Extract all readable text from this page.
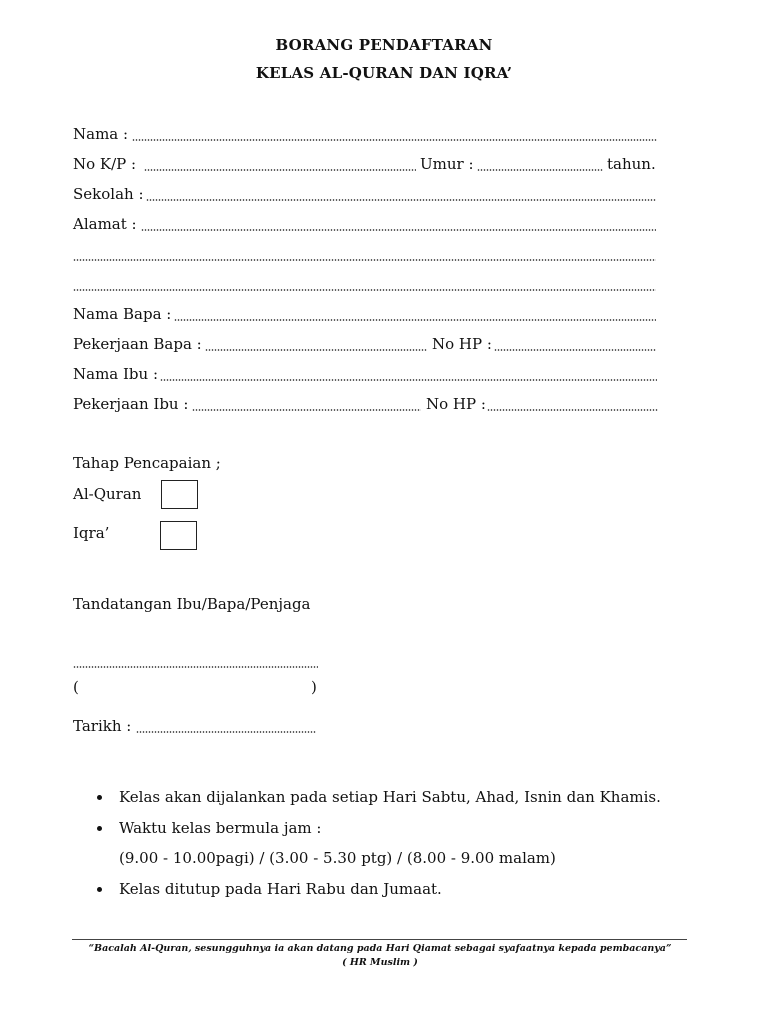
BORANG PENDAFTARAN
KELAS AL-QURAN DAN IQRA’
Nama :
No K/P :	Umur :	tahun.
Sekolah :
Alamat :
Nama Bapa :
Pekerjaan Bapa :	No HP :
Nama Ibu :
Pekerjaan Ibu :	No HP :
Tahap Pencapaian ;
Al-Quran
Iqra’
Tandatangan Ibu/Bapa/Penjaga
(	)
Tarikh :
Kelas akan dijalankan pada setiap Hari Sabtu, Ahad, Isnin dan Khamis.
Waktu kelas bermula jam :
(9.00 - 10.00pagi) / (3.00 - 5.30 ptg) / (8.00 - 9.00 malam)
Kelas ditutup pada Hari Rabu dan Jumaat.
“Bacalah Al-Quran, sesungguhnya ia akan datang pada Hari Qiamat sebagai syafaatnya kepada pembacanya”
( HR Muslim )
